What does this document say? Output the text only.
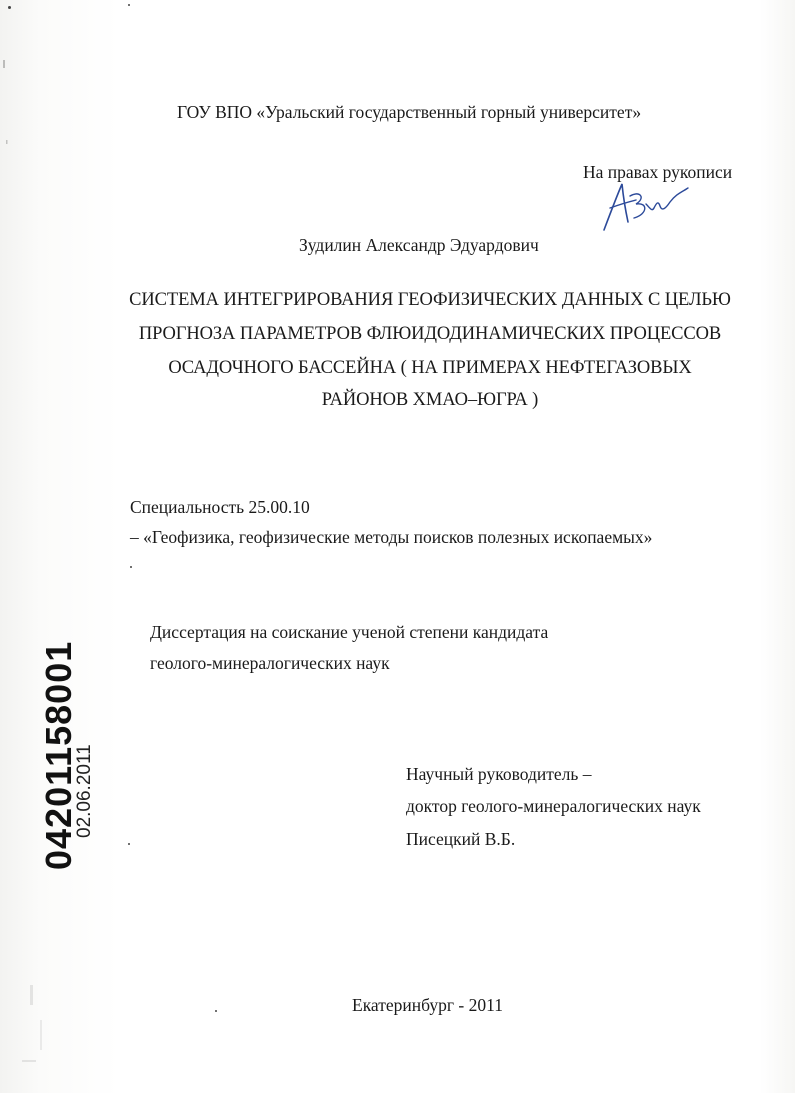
ГОУ ВПО «Уральский государственный горный университет»
На правах рукописи
Зудилин Александр Эдуардович
СИСТЕМА ИНТЕГРИРОВАНИЯ ГЕОФИЗИЧЕСКИХ ДАННЫХ С ЦЕЛЬЮ
ПРОГНОЗА ПАРАМЕТРОВ ФЛЮИДОДИНАМИЧЕСКИХ ПРОЦЕССОВ
ОСАДОЧНОГО БАССЕЙНА ( НА ПРИМЕРАХ НЕФТЕГАЗОВЫХ
РАЙОНОВ ХМАО–ЮГРА )
Специальность 25.00.10
– «Геофизика, геофизические методы поисков полезных ископаемых»
Диссертация на соискание ученой степени кандидата
геолого-минералогических наук
Научный руководитель –
доктор геолого-минералогических наук
Писецкий В.Б.
Екатеринбург - 2011
04201158001
02.06.2011
